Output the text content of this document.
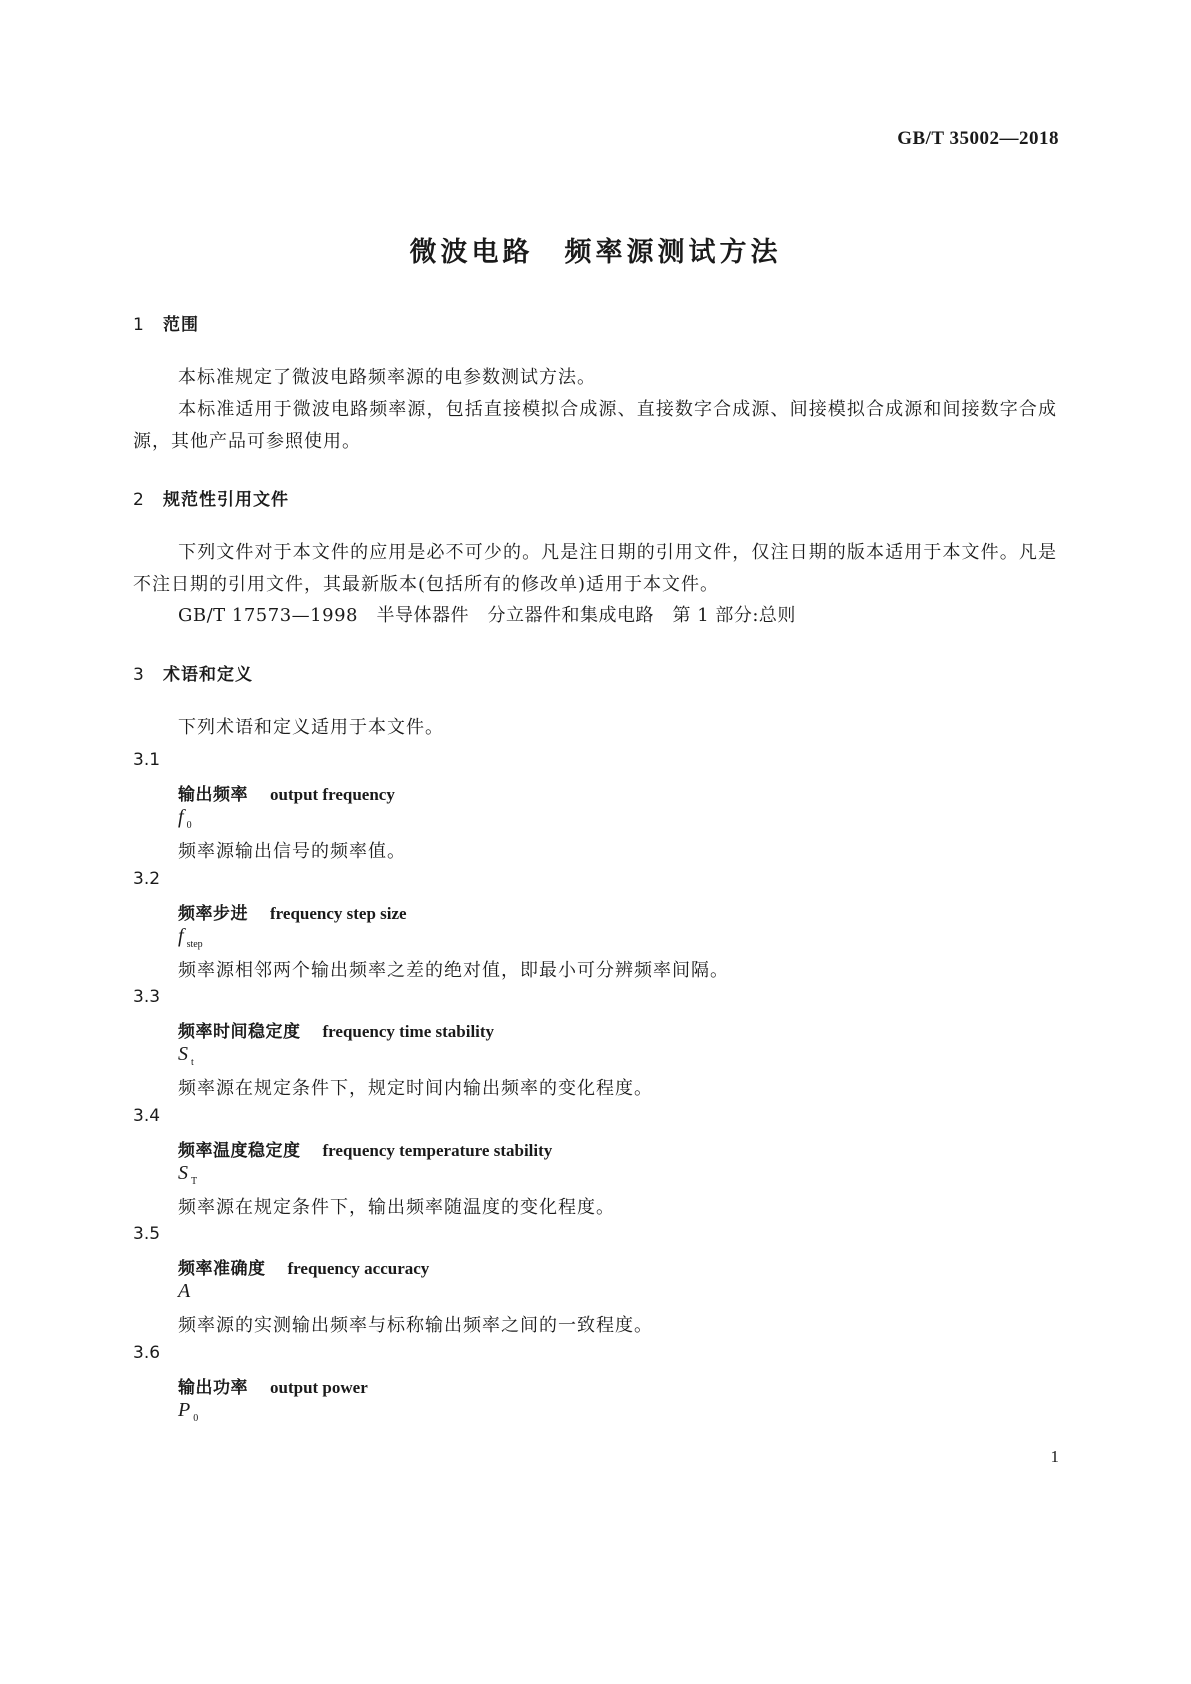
GB/T 35002—2018
微波电路　频率源测试方法
1 范围
本标准规定了微波电路频率源的电参数测试方法。
本标准适用于微波电路频率源，包括直接模拟合成源、直接数字合成源、间接模拟合成源和间接数字合成源，其他产品可参照使用。
2 规范性引用文件
下列文件对于本文件的应用是必不可少的。凡是注日期的引用文件，仅注日期的版本适用于本文件。凡是不注日期的引用文件，其最新版本(包括所有的修改单)适用于本文件。
GB/T 17573—1998　半导体器件　分立器件和集成电路　第 1 部分:总则
3 术语和定义
下列术语和定义适用于本文件。
3.1
输出频率 output frequency
f $_0$
频率源输出信号的频率值。
3.2
频率步进 frequency step size
f $_{step}$
频率源相邻两个输出频率之差的绝对值，即最小可分辨频率间隔。
3.3
频率时间稳定度 frequency time stability
S $_t$
频率源在规定条件下，规定时间内输出频率的变化程度。
3.4
频率温度稳定度 frequency temperature stability
S $_T$
频率源在规定条件下，输出频率随温度的变化程度。
3.5
频率准确度 frequency accuracy
A
频率源的实测输出频率与标称输出频率之间的一致程度。
3.6
输出功率 output power
P $_0$
1
